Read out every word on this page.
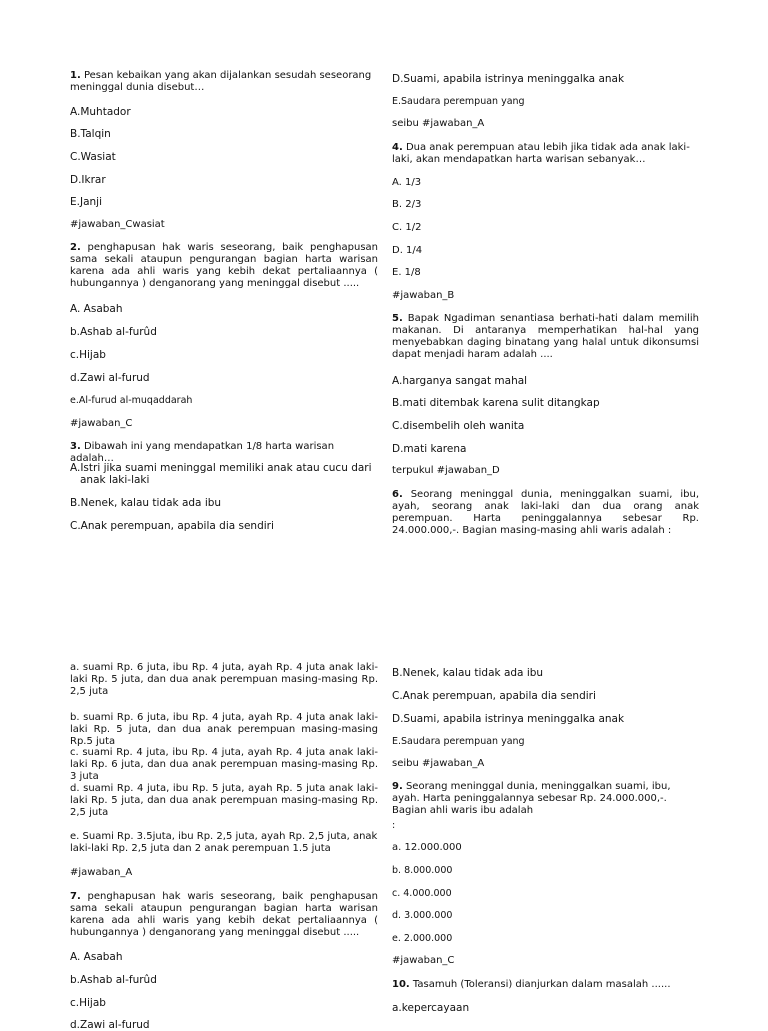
1. Pesan kebaikan yang akan dijalankan sesudah seseorang meninggal dunia disebut…

A.Muhtador

B.Talqin

C.Wasiat

D.Ikrar

E.Janji

#jawaban_Cwasiat

2. penghapusan hak waris seseorang, baik penghapusan sama sekali ataupun pengurangan bagian harta warisan karena ada ahli waris yang kebih dekat pertaliaannya ( hubungannya ) denganorang yang meninggal disebut .....

A. Asabah

b.Ashab al-furûd

c.Hijab

d.Zawi al-furud

e.Al-furud al-muqaddarah

#jawaban_C

3. Dibawah ini yang mendapatkan 1/8 harta warisan adalah…

A.Istri jika suami meninggal memiliki anak atau cucu dari anak laki-laki

B.Nenek, kalau tidak ada ibu

C.Anak perempuan, apabila dia sendiri

D.Suami, apabila istrinya meninggalka anak

E.Saudara perempuan yang

seibu #jawaban_A

4. Dua anak perempuan atau lebih jika tidak ada anak laki-laki, akan mendapatkan harta warisan sebanyak…

A. 1/3

B. 2/3

C. 1/2

D. 1/4

E. 1/8

#jawaban_B

5. Bapak Ngadiman senantiasa berhati-hati dalam memilih makanan. Di antaranya memperhatikan hal-hal yang menyebabkan daging binatang yang halal untuk dikonsumsi dapat menjadi haram adalah ....

A.harganya sangat mahal

B.mati ditembak karena sulit ditangkap

C.disembelih oleh wanita

D.mati karena

terpukul #jawaban_D

6. Seorang meninggal dunia, meninggalkan suami, ibu, ayah, seorang anak laki-laki dan dua orang anak perempuan. Harta peninggalannya sebesar Rp. 24.000.000,-. Bagian masing-masing ahli waris adalah :

a. suami Rp. 6 juta, ibu Rp. 4 juta, ayah Rp. 4 juta anak laki-laki Rp. 5 juta, dan dua anak perempuan masing-masing Rp. 2,5 juta

b. suami Rp. 6 juta, ibu Rp. 4 juta, ayah Rp. 4 juta anak laki-laki Rp. 5 juta, dan dua anak perempuan masing-masing Rp.5 juta

c. suami Rp. 4 juta, ibu Rp. 4 juta, ayah Rp. 4 juta anak laki-laki Rp. 6 juta, dan dua anak perempuan masing-masing Rp. 3 juta

d. suami Rp. 4 juta, ibu Rp. 5 juta, ayah Rp. 5 juta anak laki-laki Rp. 5 juta, dan dua anak perempuan masing-masing Rp. 2,5 juta

e. Suami Rp. 3.5juta, ibu Rp. 2,5 juta, ayah Rp. 2,5 juta, anak laki-laki Rp. 2,5 juta dan 2 anak perempuan 1.5 juta

#jawaban_A

7. penghapusan hak waris seseorang, baik penghapusan sama sekali ataupun pengurangan bagian harta warisan karena ada ahli waris yang kebih dekat pertaliaannya ( hubungannya ) denganorang yang meninggal disebut .....

A. Asabah

b.Ashab al-furûd

c.Hijab

d.Zawi al-furud

B.Nenek, kalau tidak ada ibu

C.Anak perempuan, apabila dia sendiri

D.Suami, apabila istrinya meninggalka anak

E.Saudara perempuan yang

seibu #jawaban_A

9. Seorang meninggal dunia, meninggalkan suami, ibu, ayah. Harta peninggalannya sebesar Rp. 24.000.000,-. Bagian ahli waris ibu adalah

:

a. 12.000.000

b. 8.000.000

c. 4.000.000

d. 3.000.000

e. 2.000.000

#jawaban_C

10. Tasamuh (Toleransi) dianjurkan dalam masalah ......

a.kepercayaan
